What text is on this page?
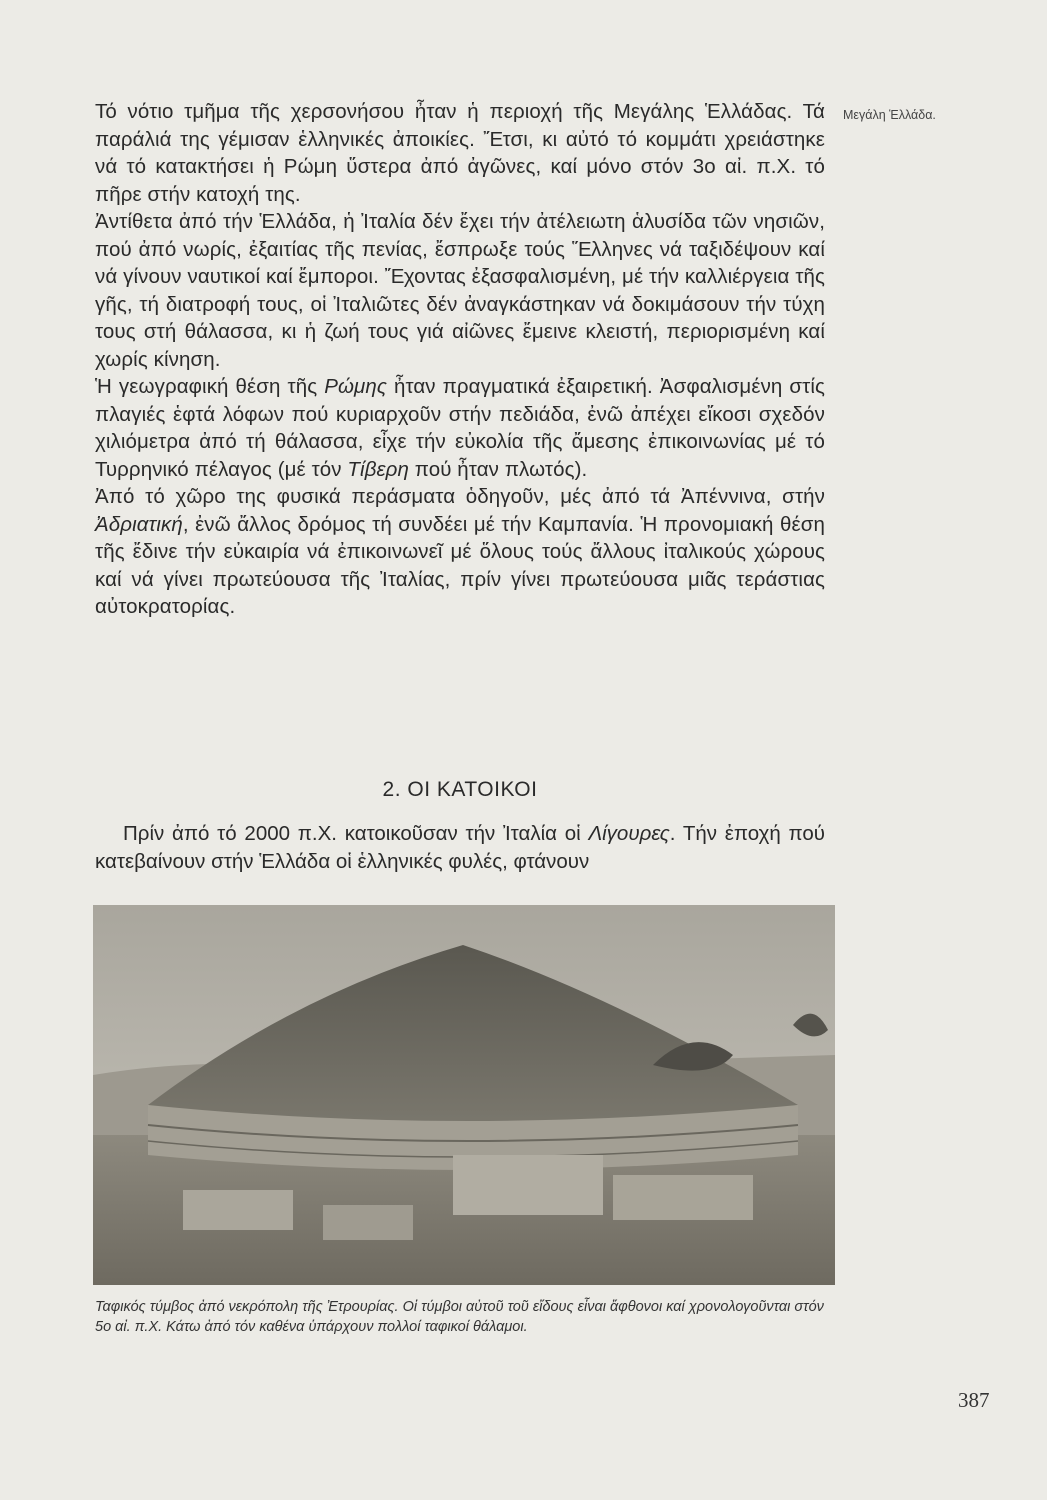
Μεγάλη Ἑλλάδα.

Τό νότιο τμῆμα τῆς χερσονήσου ἦταν ἡ περιοχή τῆς Μεγάλης Ἑλλάδας. Τά παράλιά της γέμισαν ἑλληνικές ἀποικίες. Ἔτσι, κι αὐτό τό κομμάτι χρειάστηκε νά τό κατακτήσει ἡ Ρώμη ὕστερα ἀπό ἀγῶνες, καί μόνο στόν 3ο αἰ. π.Χ. τό πῆρε στήν κατοχή της.

Ἀντίθετα ἀπό τήν Ἑλλάδα, ἡ Ἰταλία δέν ἔχει τήν ἀτέλειωτη ἁλυσίδα τῶν νησιῶν, πού ἀπό νωρίς, ἐξαιτίας τῆς πενίας, ἔσπρωξε τούς Ἕλληνες νά ταξιδέψουν καί νά γίνουν ναυτικοί καί ἔμποροι. Ἔχοντας ἐξασφαλισμένη, μέ τήν καλλιέργεια τῆς γῆς, τή διατροφή τους, οἱ Ἰταλιῶτες δέν ἀναγκάστηκαν νά δοκιμάσουν τήν τύχη τους στή θάλασσα, κι ἡ ζωή τους γιά αἰῶνες ἔμεινε κλειστή, περιορισμένη καί χωρίς κίνηση.

Ἡ γεωγραφική θέση τῆς Ρώμης ἦταν πραγματικά ἐξαιρετική. Ἀσφαλισμένη στίς πλαγιές ἑφτά λόφων πού κυριαρχοῦν στήν πεδιάδα, ἐνῶ ἀπέχει εἴκοσι σχεδόν χιλιόμετρα ἀπό τή θάλασσα, εἶχε τήν εὐκολία τῆς ἄμεσης ἐπικοινωνίας μέ τό Τυρρηνικό πέλαγος (μέ τόν Τίβερη πού ἦταν πλωτός).

Ἀπό τό χῶρο της φυσικά περάσματα ὁδηγοῦν, μές ἀπό τά Ἀπέννινα, στήν Ἀδριατική, ἐνῶ ἄλλος δρόμος τή συνδέει μέ τήν Καμπανία. Ἡ προνομιακή θέση τῆς ἔδινε τήν εὐκαιρία νά ἐπικοινωνεῖ μέ ὅλους τούς ἄλλους ἰταλικούς χώρους καί νά γίνει πρωτεύουσα τῆς Ἰταλίας, πρίν γίνει πρωτεύουσα μιᾶς τεράστιας αὐτοκρατορίας.

2. ΟΙ ΚΑΤΟΙΚΟΙ
Πρίν ἀπό τό 2000 π.Χ. κατοικοῦσαν τήν Ἰταλία οἱ Λίγουρες. Τήν ἐποχή πού κατεβαίνουν στήν Ἑλλάδα οἱ ἑλληνικές φυλές, φτάνουν
Ταφικός τύμβος ἀπό νεκρόπολη τῆς Ἐτρουρίας. Οἱ τύμβοι αὐτοῦ τοῦ εἴδους εἶναι ἄφθονοι καί χρονολογοῦνται στόν 5ο αἰ. π.Χ. Κάτω ἀπό τόν καθένα ὑπάρχουν πολλοί ταφικοί θάλαμοι.
387
